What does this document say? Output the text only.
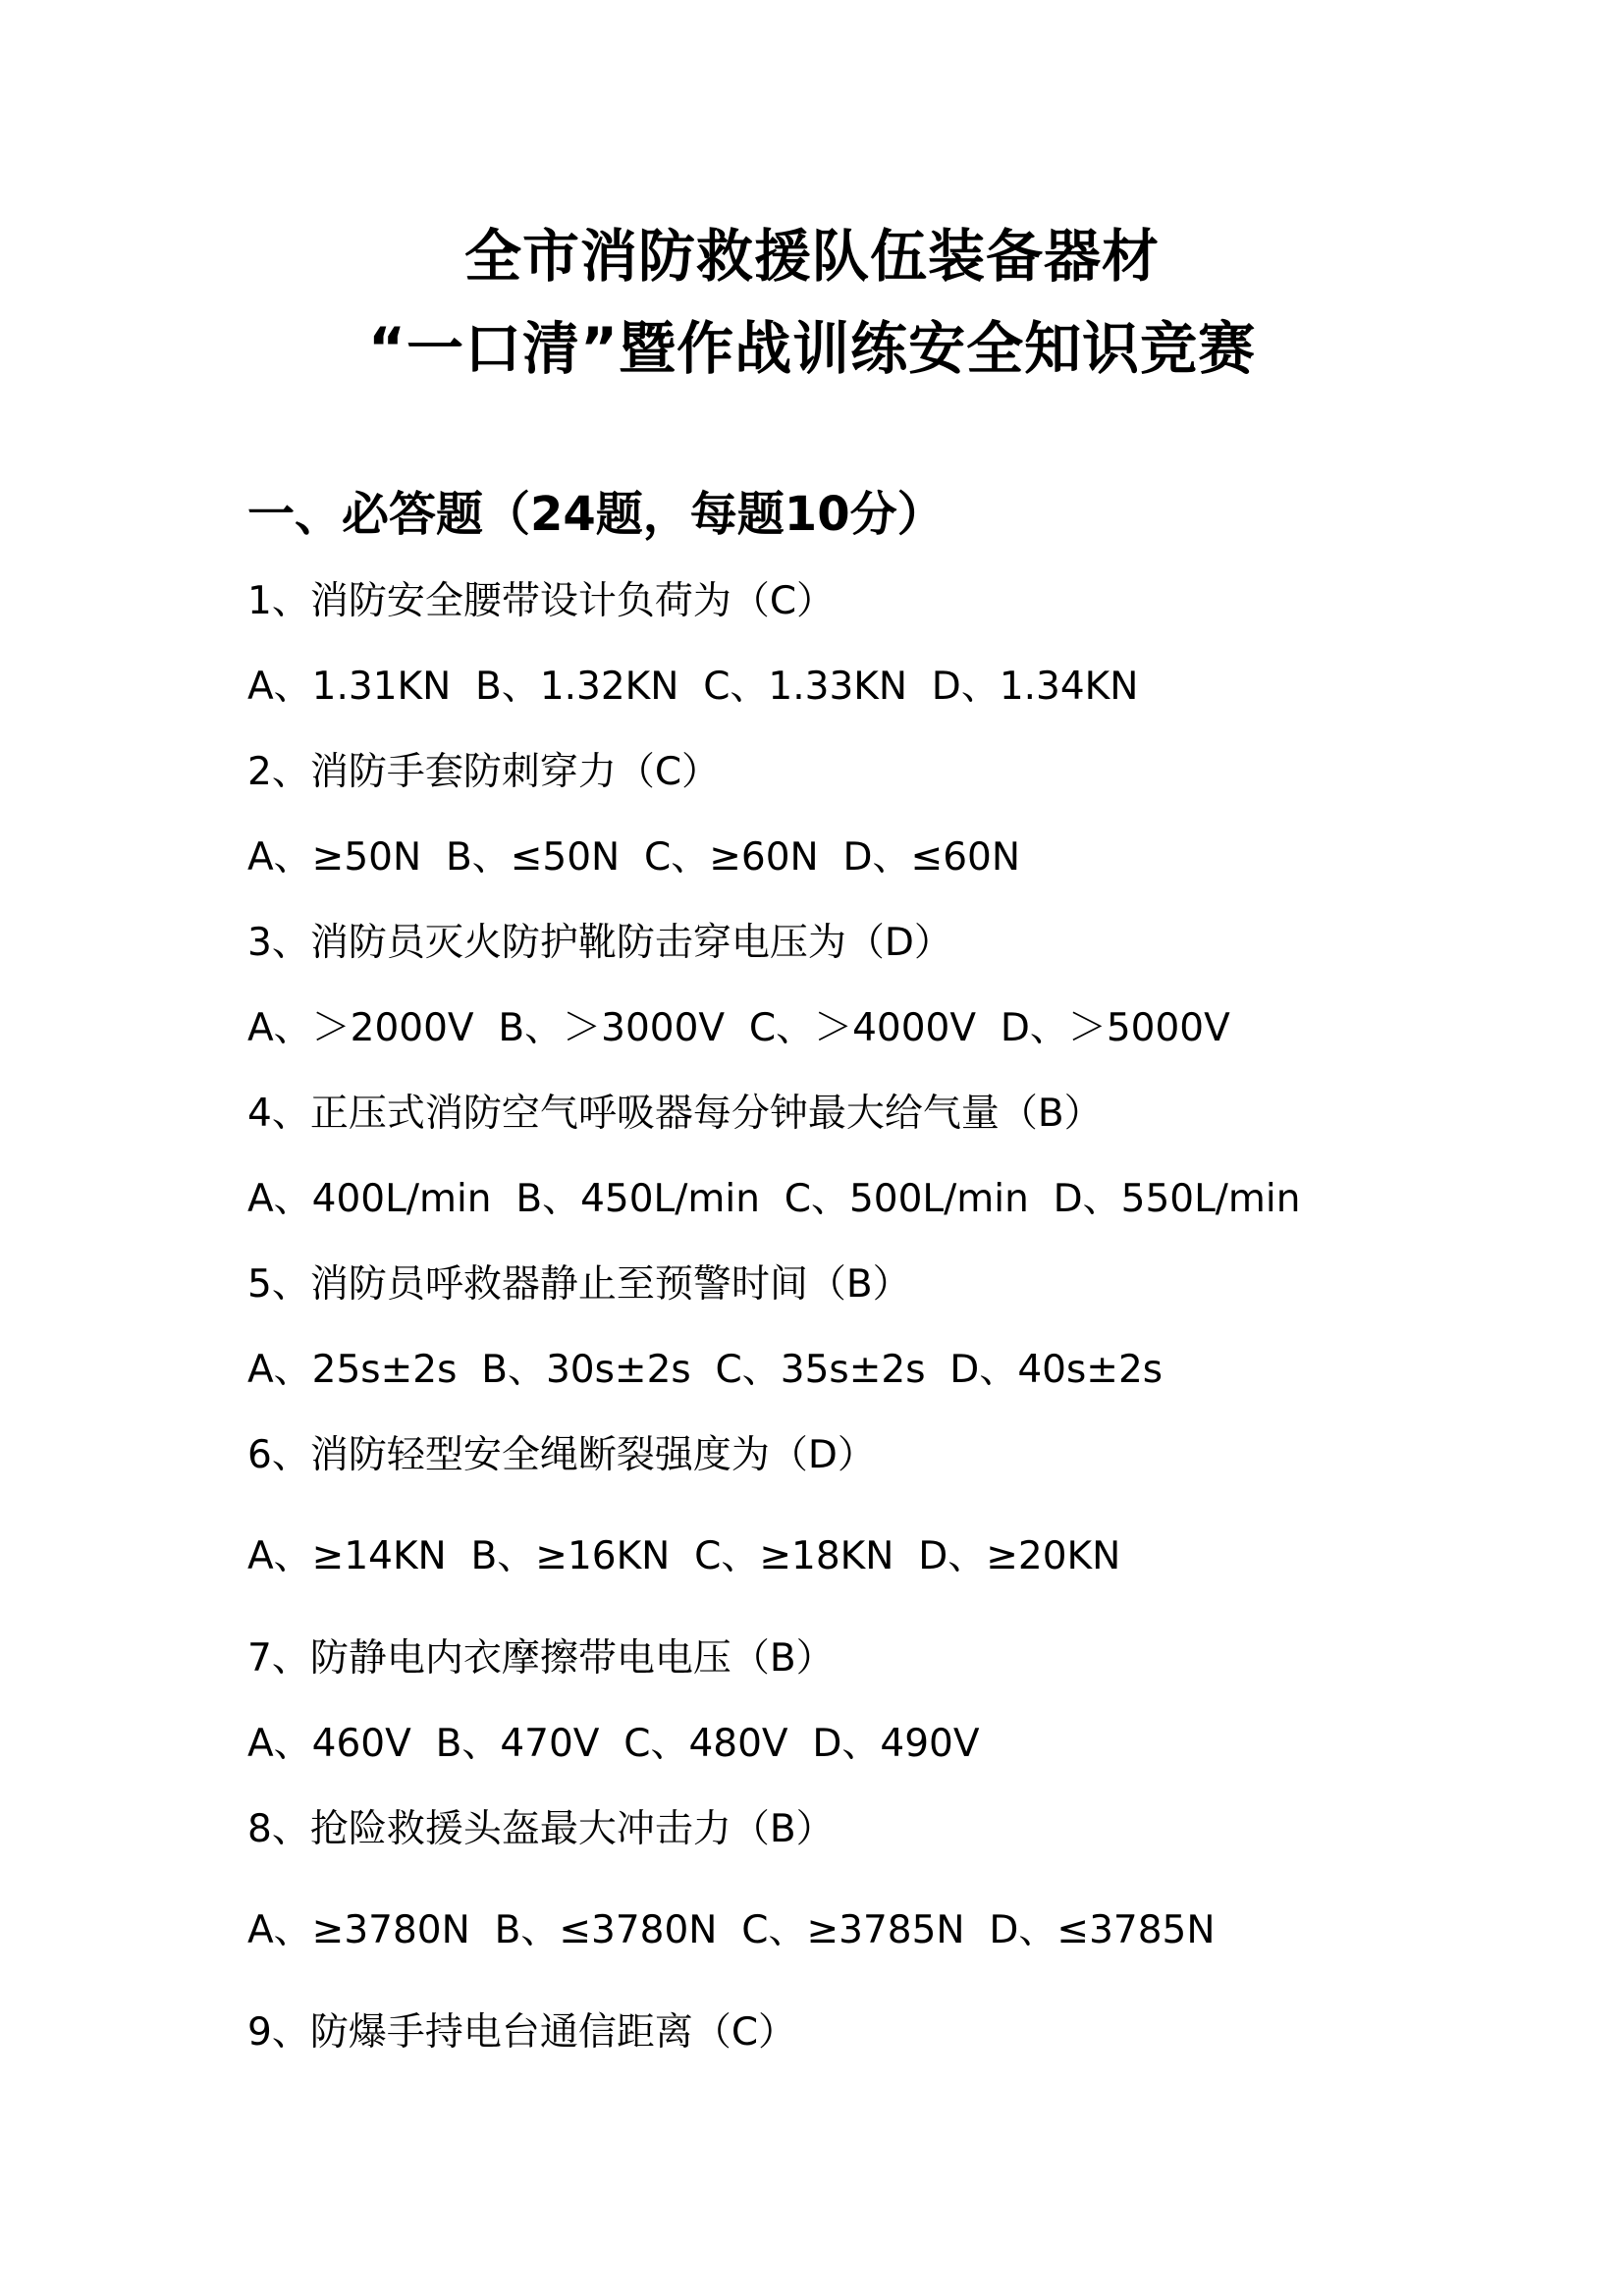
全市消防救援队伍装备器材
“一口清”暨作战训练安全知识竞赛
一、必答题（24题，每题10分）
1、消防安全腰带设计负荷为（C）
A、1.31KN  B、1.32KN  C、1.33KN  D、1.34KN
2、消防手套防刺穿力（C）
A、≥50N  B、≤50N  C、≥60N  D、≤60N
3、消防员灭火防护靴防击穿电压为（D）
A、＞2000V  B、＞3000V  C、＞4000V  D、＞5000V
4、正压式消防空气呼吸器每分钟最大给气量（B）
A、400L/min  B、450L/min  C、500L/min  D、550L/min
5、消防员呼救器静止至预警时间（B）
A、25s±2s  B、30s±2s  C、35s±2s  D、40s±2s
6、消防轻型安全绳断裂强度为（D）
A、≥14KN  B、≥16KN  C、≥18KN  D、≥20KN
7、防静电内衣摩擦带电电压（B）
A、460V  B、470V  C、480V  D、490V
8、抢险救援头盔最大冲击力（B）
A、≥3780N  B、≤3780N  C、≥3785N  D、≤3785N
9、防爆手持电台通信距离（C）
